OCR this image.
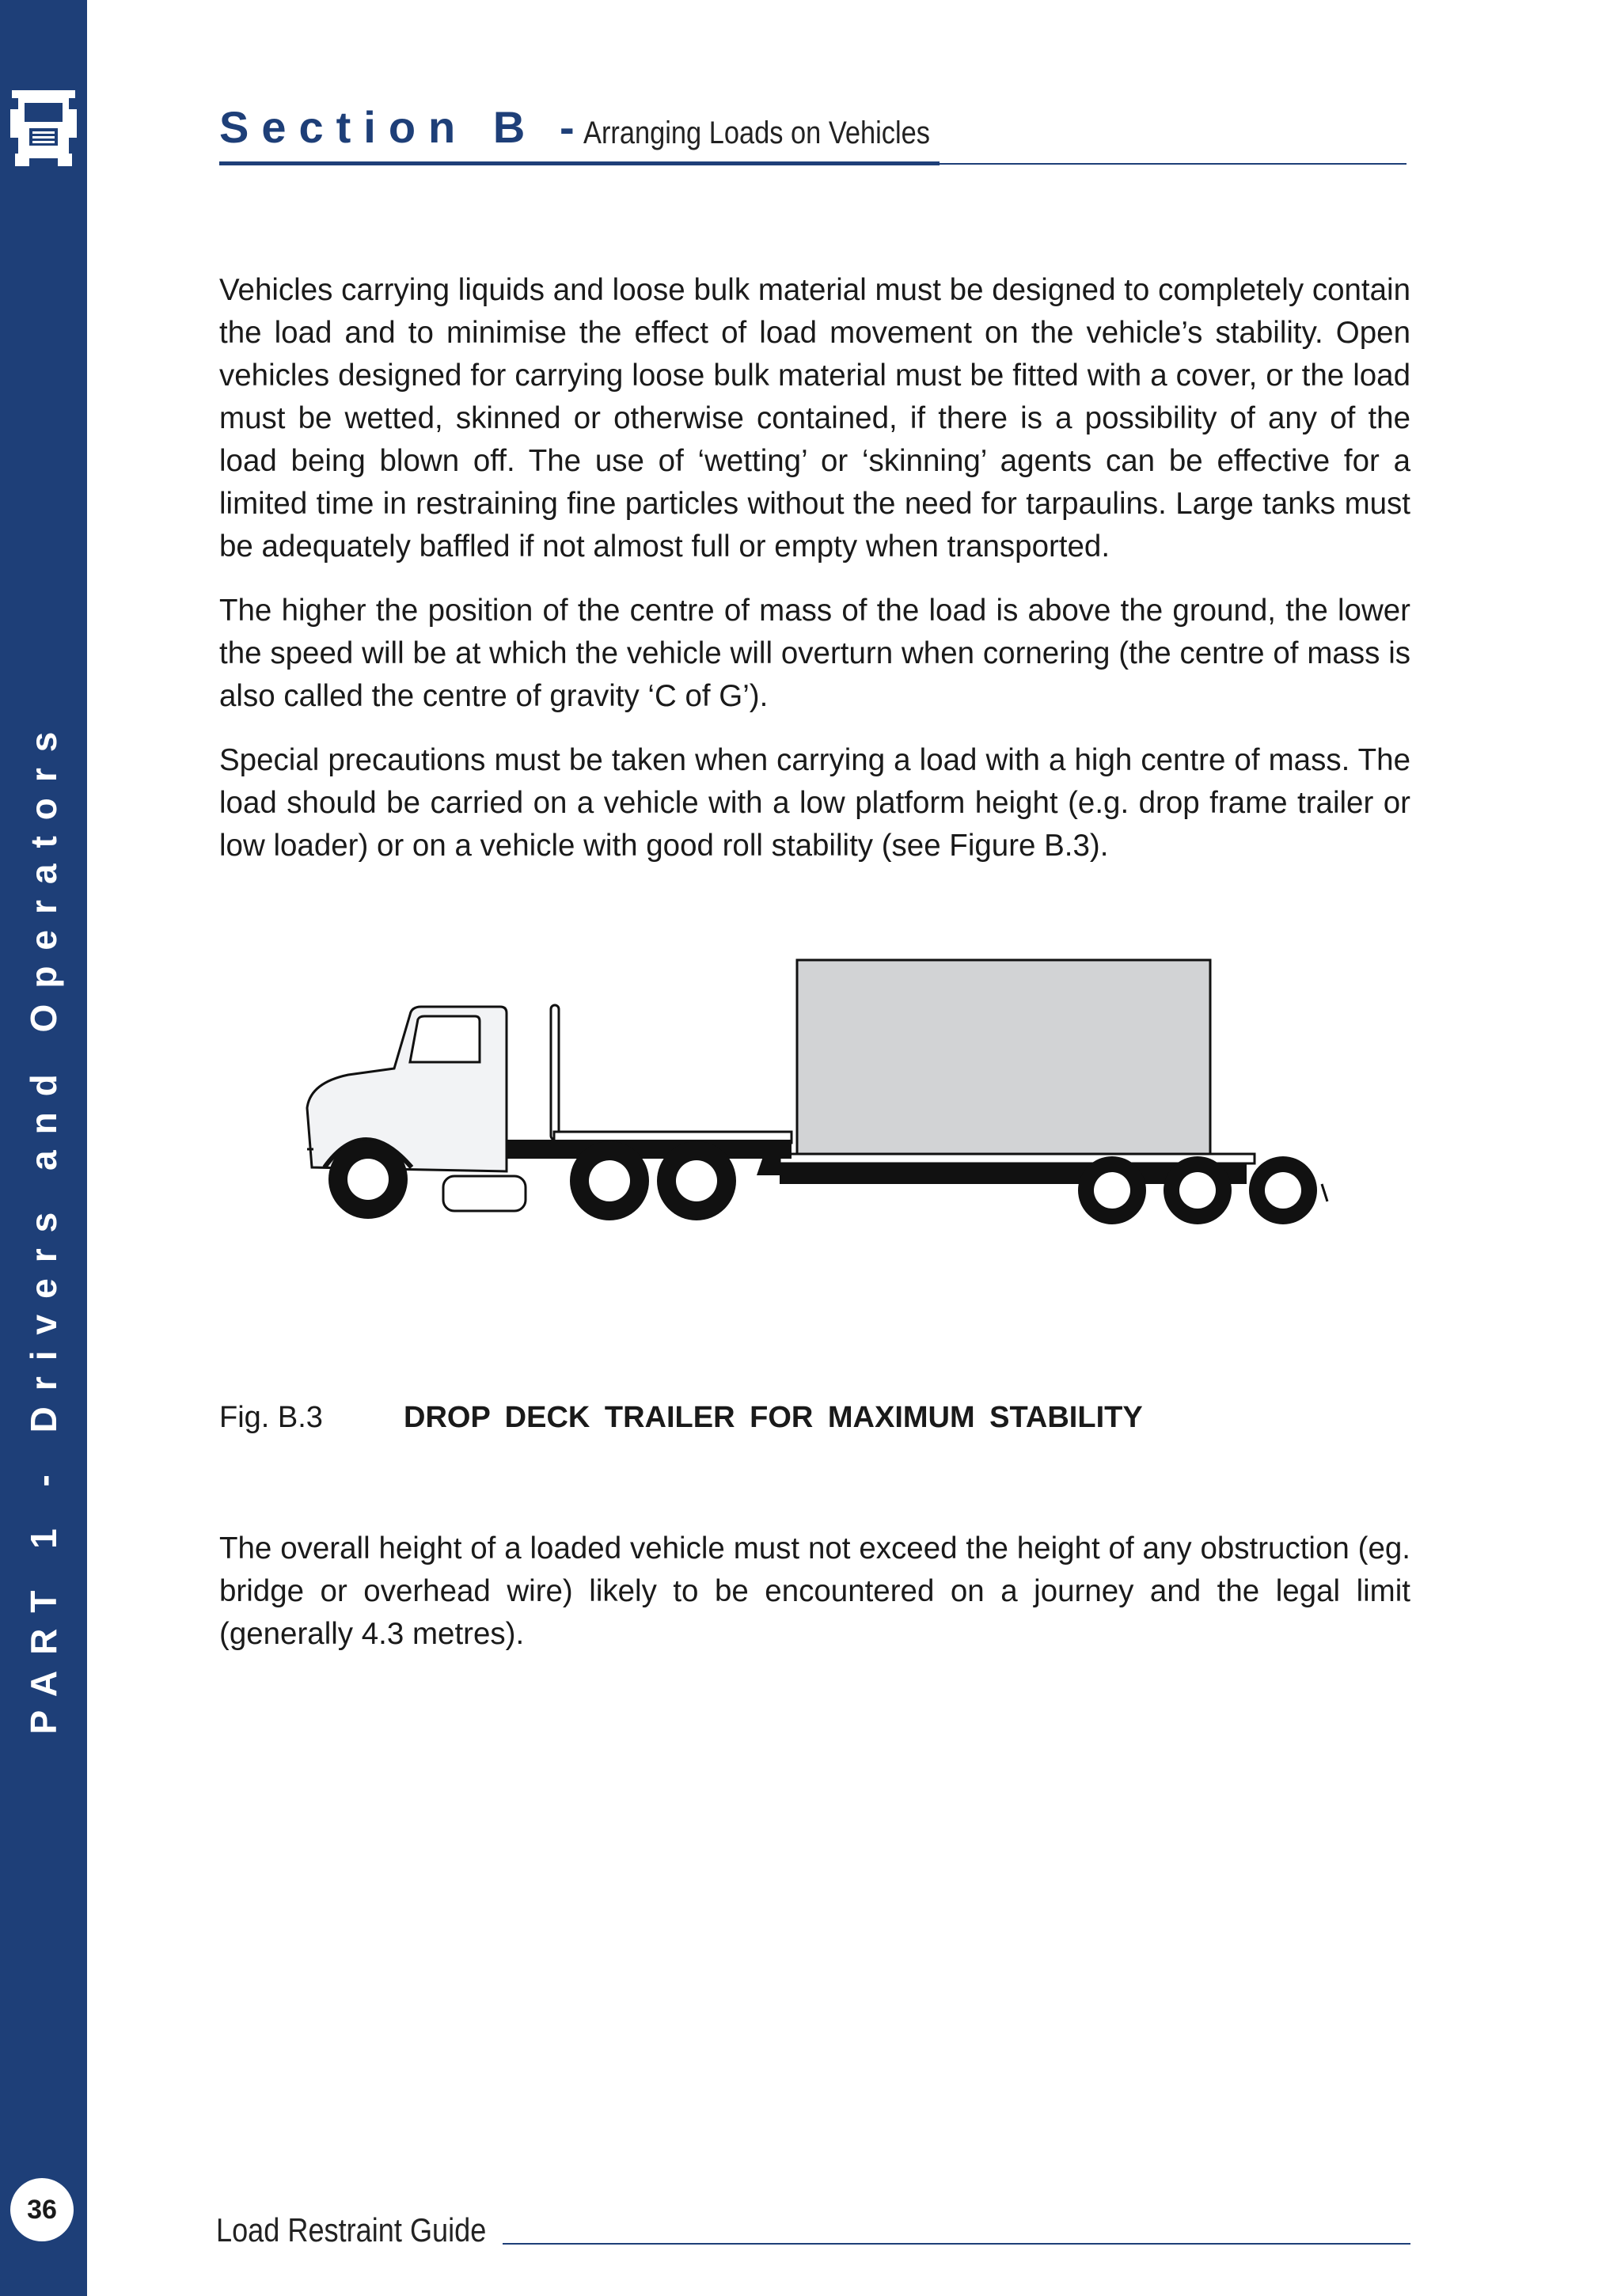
PART 1 - Drivers and Operators
36
Section B - Arranging Loads on Vehicles

Vehicles carrying liquids and loose bulk material must be designed to completely contain the load and to minimise the effect of load movement on the vehicle’s stability. Open vehicles designed for carrying loose bulk material must be fitted with a cover, or the load must be wetted, skinned or otherwise contained, if there is a possibility of any of the load being blown off. The use of ‘wetting’ or ‘skinning’ agents can be effective for a limited time in restraining fine particles without the need for tarpaulins. Large tanks must be adequately baffled if not almost full or empty when transported.

The higher the position of the centre of mass of the load is above the ground, the lower the speed will be at which the vehicle will overturn when cornering (the centre of mass is also called the centre of gravity ‘C of G’).

Special precautions must be taken when carrying a load with a high centre of mass. The load should be carried on a vehicle with a low platform height (e.g. drop frame trailer or low loader) or on a vehicle with good roll stability (see Figure B.3).

Fig. B.3	DROP DECK TRAILER FOR MAXIMUM STABILITY

The overall height of a loaded vehicle must not exceed the height of any obstruction (eg. bridge or overhead wire) likely to be encountered on a journey and the legal limit (generally 4.3 metres).

Load Restraint Guide
